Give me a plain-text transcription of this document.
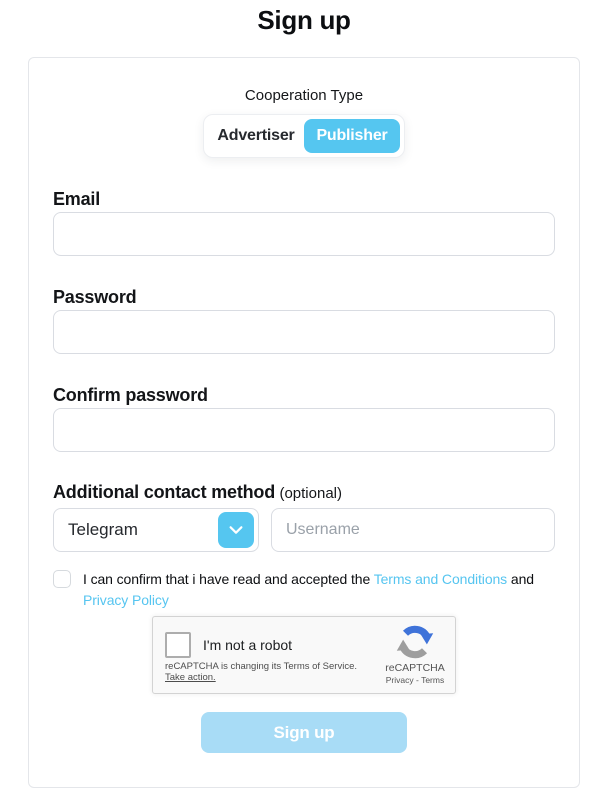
Sign up
Cooperation Type
Advertiser	Publisher
Email
Password
Confirm password
Additional contact method (optional)
Telegram
Username
I can confirm that i have read and accepted the Terms and Conditions and
Privacy Policy
I'm not a robot
reCAPTCHA is changing its Terms of Service.
Take action.
reCAPTCHA
Privacy - Terms
Sign up
